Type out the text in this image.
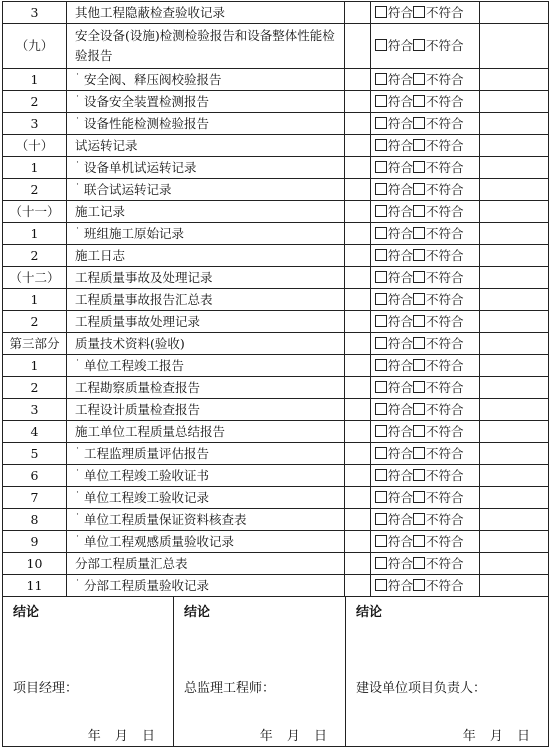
3	其他工程隐蔽检查验收记录		符合 不符合	
（九）	安全设备(设施)检测检验报告和设备整体性能检验报告		符合 不符合	
1	˙ 安全阀、释压阀校验报告		符合 不符合	
2	˙ 设备安全装置检测报告		符合 不符合	
3	˙ 设备性能检测检验报告		符合 不符合	
（十）	试运转记录		符合 不符合	
1	˙ 设备单机试运转记录		符合 不符合	
2	˙ 联合试运转记录		符合 不符合	
（十一）	施工记录		符合 不符合	
1	˙ 班组施工原始记录		符合 不符合	
2	施工日志		符合 不符合	
（十二）	工程质量事故及处理记录		符合 不符合	
1	工程质量事故报告汇总表		符合 不符合	
2	工程质量事故处理记录		符合 不符合	
第三部分	质量技术资料(验收)		符合 不符合	
1	˙ 单位工程竣工报告		符合 不符合	
2	工程勘察质量检查报告		符合 不符合	
3	工程设计质量检查报告		符合 不符合	
4	施工单位工程质量总结报告		符合 不符合	
5	˙ 工程监理质量评估报告		符合 不符合	
6	˙ 单位工程竣工验收证书		符合 不符合	
7	˙ 单位工程竣工验收记录		符合 不符合	
8	˙ 单位工程质量保证资料核查表		符合 不符合	
9	˙ 单位工程观感质量验收记录		符合 不符合	
10	分部工程质量汇总表		符合 不符合	
11	˙ 分部工程质量验收记录		符合 不符合	
结论
项目经理：
年 月 日

结论
总监理工程师：
年 月 日

结论
建设单位项目负责人：
年 月 日
